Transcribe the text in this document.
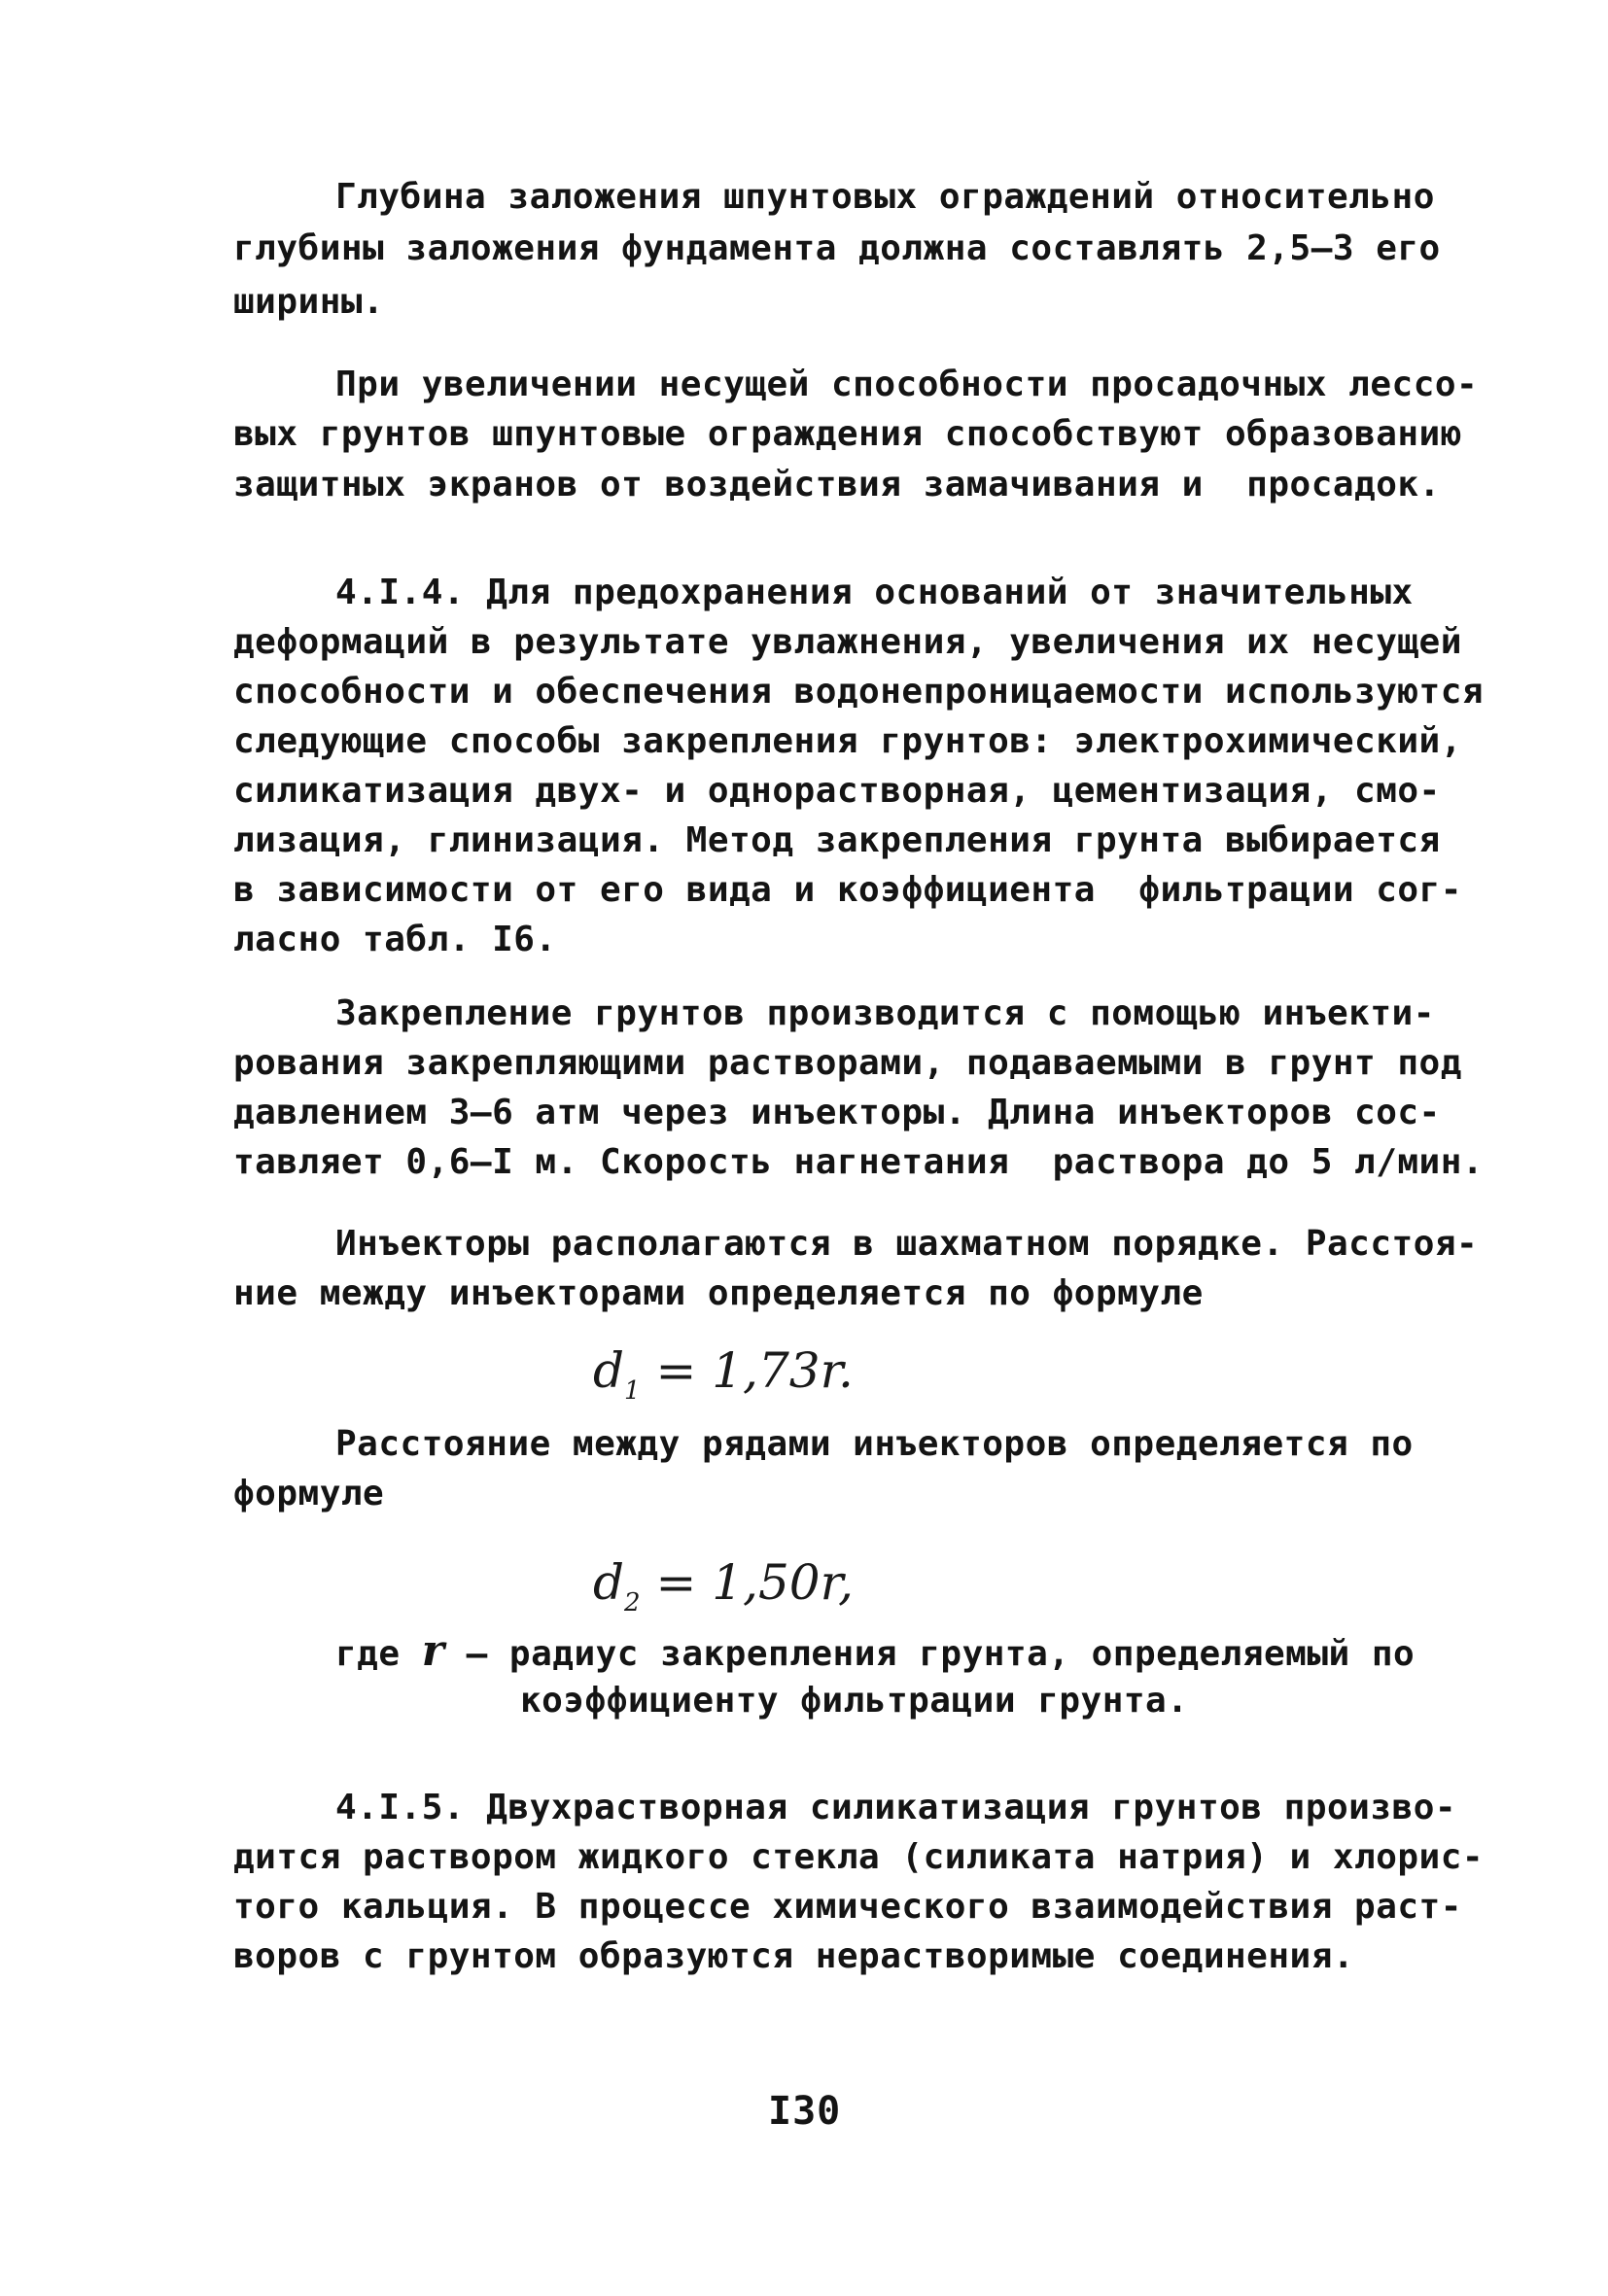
Глубина заложения шпунтовых ограждений относительно
глубины заложения фундамента должна составлять 2,5–3 его
ширины.
При увеличении несущей способности просадочных лессо-
вых грунтов шпунтовые ограждения способствуют образованию
защитных экранов от воздействия замачивания и  просадок.
4.I.4. Для предохранения оснований от значительных
деформаций в результате увлажнения, увеличения их несущей
способности и обеспечения водонепроницаемости используются
следующие способы закрепления грунтов: электрохимический,
силикатизация двух- и однорастворная, цементизация, смо-
лизация, глинизация. Метод закрепления грунта выбирается
в зависимости от его вида и коэффициента  фильтрации сог-
ласно табл. I6.
Закрепление грунтов производится с помощью инъекти-
рования закрепляющими растворами, подаваемыми в грунт под
давлением 3–6 атм через инъекторы. Длина инъекторов сос-
тавляет 0,6–I м. Скорость нагнетания  раствора до 5 л/мин.
Инъекторы располагаются в шахматном порядке. Расстоя-
ние между инъекторами определяется по формуле
$d_1 = 1,73r$.
Расстояние между рядами инъекторов определяется по
формуле
$d_2 = 1,50r$,
где r – радиус закрепления грунта, определяемый по
коэффициенту фильтрации грунта.
4.I.5. Двухрастворная силикатизация грунтов произво-
дится раствором жидкого стекла (силиката натрия) и хлорис-
того кальция. В процессе химического взаимодействия раст-
воров с грунтом образуются нерастворимые соединения.
I30
